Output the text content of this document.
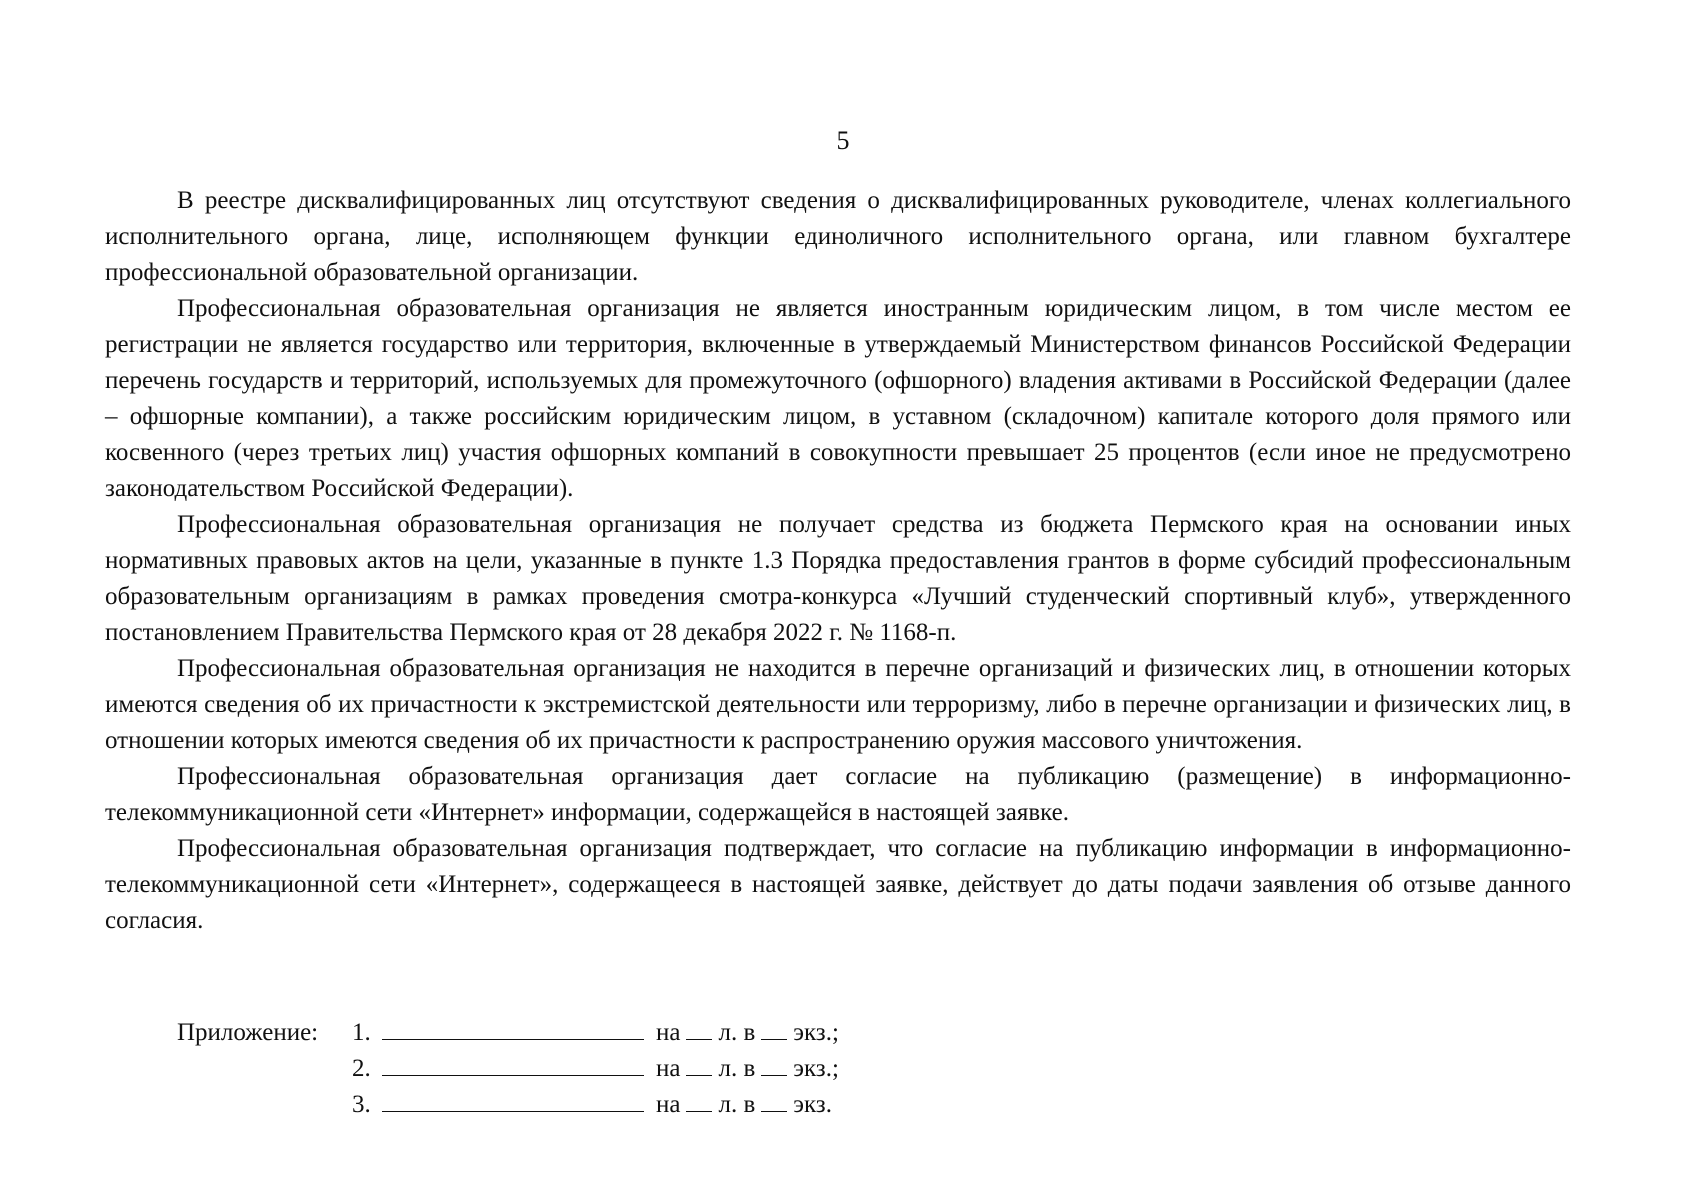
5

В реестре дисквалифицированных лиц отсутствуют сведения о дисквалифицированных руководителе, членах коллегиального исполнительного органа, лице, исполняющем функции единоличного исполнительного органа, или главном бухгалтере профессиональной образовательной организации.

Профессиональная образовательная организация не является иностранным юридическим лицом, в том числе местом ее регистрации не является государство или территория, включенные в утверждаемый Министерством финансов Российской Федерации перечень государств и территорий, используемых для промежуточного (офшорного) владения активами в Российской Федерации (далее – офшорные компании), а также российским юридическим лицом, в уставном (складочном) капитале которого доля прямого или косвенного (через третьих лиц) участия офшорных компаний в совокупности превышает 25 процентов (если иное не предусмотрено законодательством Российской Федерации).

Профессиональная образовательная организация не получает средства из бюджета Пермского края на основании иных нормативных правовых актов на цели, указанные в пункте 1.3 Порядка предоставления грантов в форме субсидий профессиональным образовательным организациям в рамках проведения смотра-конкурса «Лучший студенческий спортивный клуб», утвержденного постановлением Правительства Пермского края от 28 декабря 2022 г. № 1168-п.

Профессиональная образовательная организация не находится в перечне организаций и физических лиц, в отношении которых имеются сведения об их причастности к экстремистской деятельности или терроризму, либо в перечне организации и физических лиц, в отношении которых имеются сведения об их причастности к распространению оружия массового уничтожения.

Профессиональная образовательная организация дает согласие на публикацию (размещение) в информационно-телекоммуникационной сети «Интернет» информации, содержащейся в настоящей заявке.

Профессиональная образовательная организация подтверждает, что согласие на публикацию информации в информационно-телекоммуникационной сети «Интернет», содержащееся в настоящей заявке, действует до даты подачи заявления об отзыве данного согласия.

Приложение:	1.	на л. в экз.;
2.	на л. в экз.;
3.	на л. в экз.
